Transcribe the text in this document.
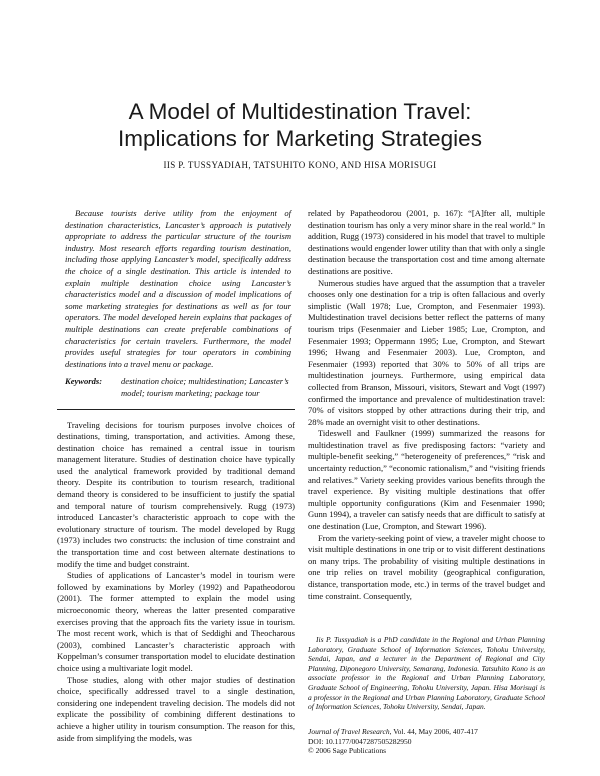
A Model of Multidestination Travel:
Implications for Marketing Strategies
IIS P. TUSSYADIAH, TATSUHITO KONO, AND HISA MORISUGI

Because tourists derive utility from the enjoyment of destination characteristics, Lancaster’s approach is putatively appropriate to address the particular structure of the tourism industry. Most research efforts regarding tourism destination, including those applying Lancaster’s model, specifically address the choice of a single destination. This article is intended to explain multiple destination choice using Lancaster’s characteristics model and a discussion of model implications of some marketing strategies for destinations as well as for tour operators. The model developed herein explains that packages of multiple destinations can create preferable combinations of characteristics for certain travelers. Furthermore, the model provides useful strategies for tour operators in combining destinations into a travel menu or package.

Keywords:	destination choice; multidestination; Lancaster’s model; tourism marketing; package tour

Traveling decisions for tourism purposes involve choices of destinations, timing, transportation, and activities. Among these, destination choice has remained a central issue in tourism management literature. Studies of destination choice have typically used the analytical framework provided by traditional demand theory. Despite its contribution to tourism research, traditional demand theory is considered to be insufficient to justify the spatial and temporal nature of tourism comprehensively. Rugg (1973) introduced Lancaster’s characteristic approach to cope with the evolutionary structure of tourism. The model developed by Rugg (1973) includes two constructs: the inclusion of time constraint and the transportation time and cost between alternate destinations to modify the time and budget constraint.

Studies of applications of Lancaster’s model in tourism were followed by examinations by Morley (1992) and Papatheodorou (2001). The former attempted to explain the model using microeconomic theory, whereas the latter presented comparative exercises proving that the approach fits the variety issue in tourism. The most recent work, which is that of Seddighi and Theocharous (2003), combined Lancaster’s characteristic approach with Koppelman’s consumer transportation model to elucidate destination choice using a multivariate logit model.

Those studies, along with other major studies of destination choice, specifically addressed travel to a single destination, considering one independent traveling decision. The models did not explicate the possibility of combining different destinations to achieve a higher utility in tourism consumption. The reason for this, aside from simplifying the models, was

related by Papatheodorou (2001, p. 167): “[A]fter all, multiple destination tourism has only a very minor share in the real world.” In addition, Rugg (1973) considered in his model that travel to multiple destinations would engender lower utility than that with only a single destination because the transportation cost and time among alternate destinations are positive.

Numerous studies have argued that the assumption that a traveler chooses only one destination for a trip is often fallacious and overly simplistic (Wall 1978; Lue, Crompton, and Fesenmaier 1993). Multidestination travel decisions better reflect the patterns of many tourism trips (Fesenmaier and Lieber 1985; Lue, Crompton, and Fesenmaier 1993; Oppermann 1995; Lue, Crompton, and Stewart 1996; Hwang and Fesenmaier 2003). Lue, Crompton, and Fesenmaier (1993) reported that 30% to 50% of all trips are multidestination journeys. Furthermore, using empirical data collected from Branson, Missouri, visitors, Stewart and Vogt (1997) confirmed the importance and prevalence of multidestination travel: 70% of visitors stopped by other attractions during their trip, and 28% made an overnight visit to other destinations.

Tideswell and Faulkner (1999) summarized the reasons for multidestination travel as five predisposing factors: “variety and multiple-benefit seeking,” “heterogeneity of preferences,” “risk and uncertainty reduction,” “economic rationalism,” and “visiting friends and relatives.” Variety seeking provides various benefits through the travel experience. By visiting multiple destinations that offer multiple opportunity configurations (Kim and Fesenmaier 1990; Gunn 1994), a traveler can satisfy needs that are difficult to satisfy at one destination (Lue, Crompton, and Stewart 1996).

From the variety-seeking point of view, a traveler might choose to visit multiple destinations in one trip or to visit different destinations on many trips. The probability of visiting multiple destinations in one trip relies on travel mobility (geographical configuration, distance, transportation mode, etc.) in terms of the travel budget and time constraint. Consequently,

Iis P. Tussyadiah is a PhD candidate in the Regional and Urban Planning Laboratory, Graduate School of Information Sciences, Tohoku University, Sendai, Japan, and a lecturer in the Department of Regional and City Planning, Diponegoro University, Semarang, Indonesia. Tatsuhito Kono is an associate professor in the Regional and Urban Planning Laboratory, Graduate School of Engineering, Tohoku University, Japan. Hisa Morisugi is a professor in the Regional and Urban Planning Laboratory, Graduate School of Information Sciences, Tohoku University, Sendai, Japan.

Journal of Travel Research, Vol. 44, May 2006, 407-417
DOI: 10.1177/0047287505282950
© 2006 Sage Publications
